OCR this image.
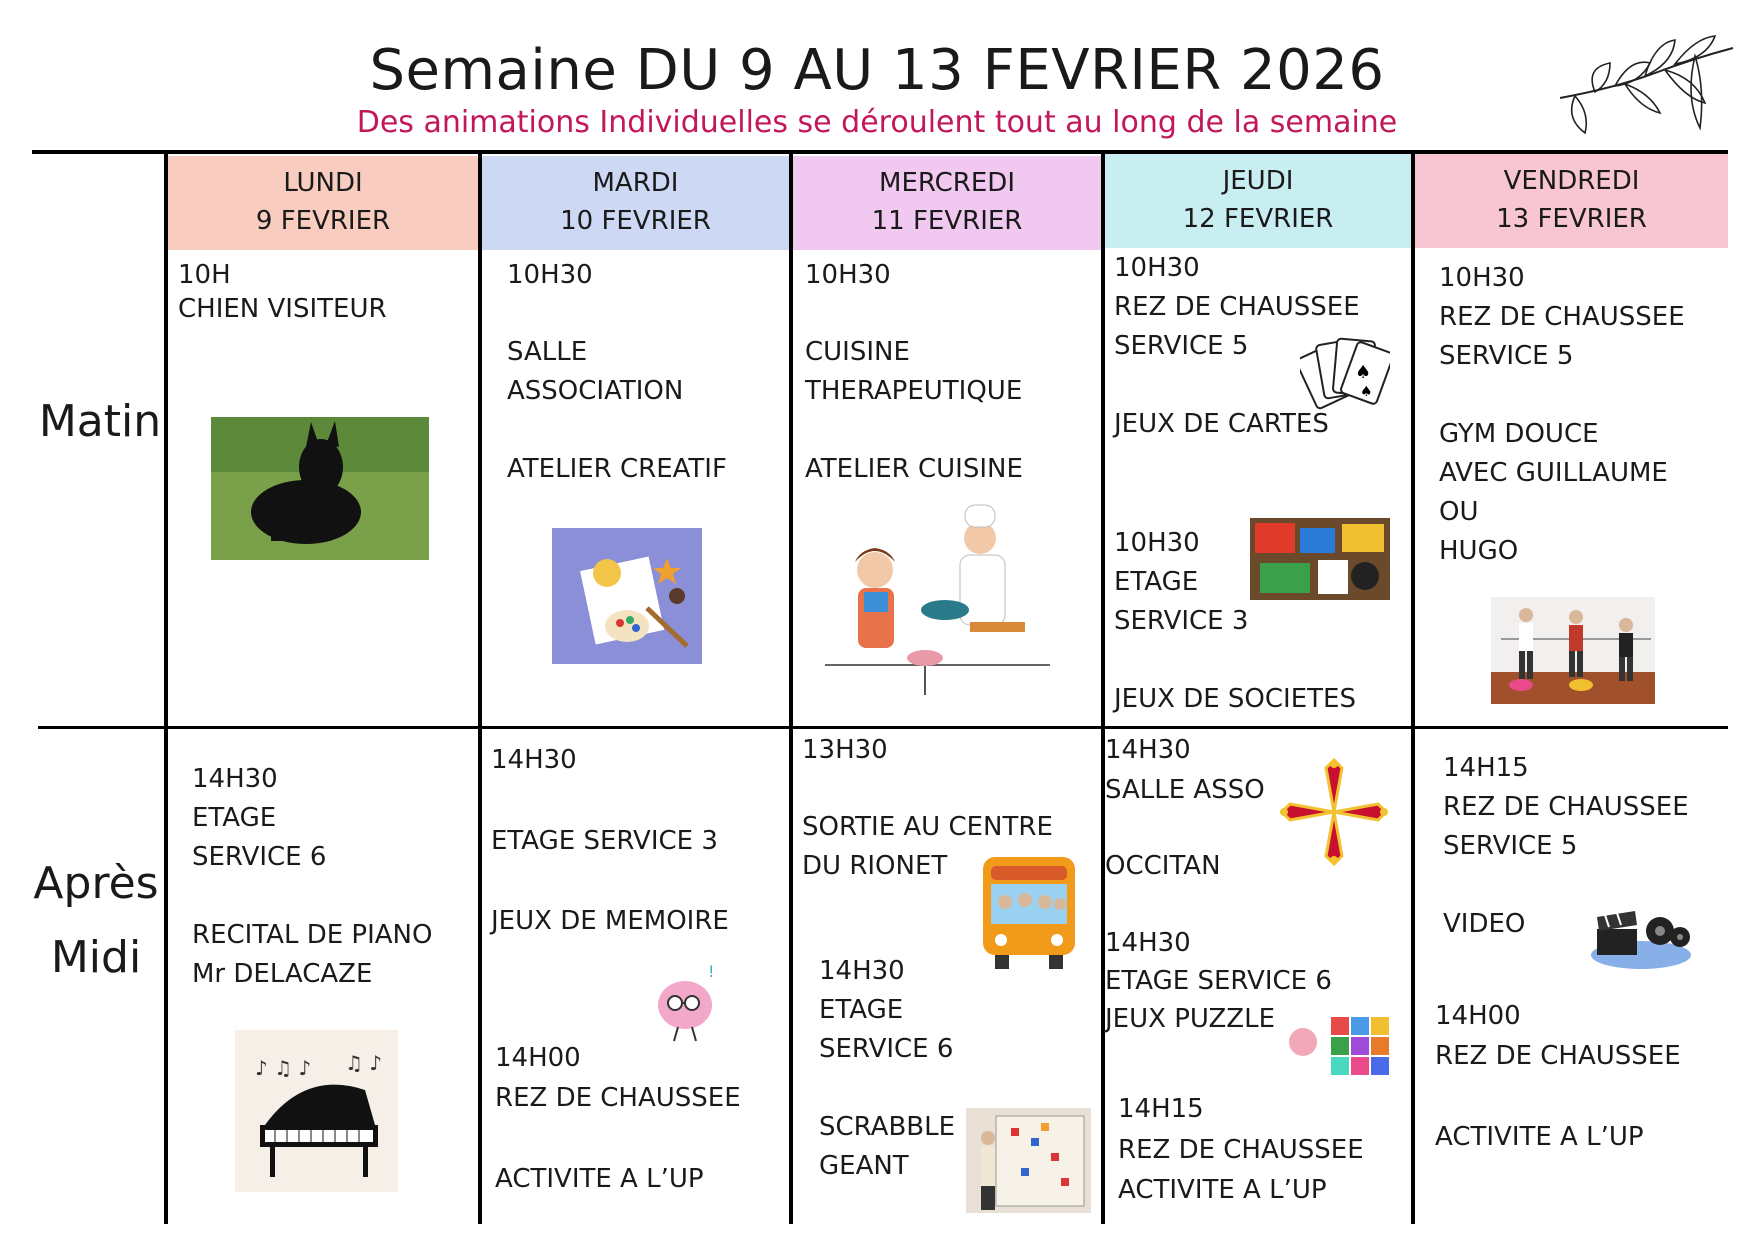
Semaine DU 9 AU 13 FEVRIER 2026
Des animations Individuelles se déroulent tout au long de la semaine
LUNDI
9 FEVRIER
MARDI
10 FEVRIER
MERCREDI
11 FEVRIER
JEUDI
12 FEVRIER
VENDREDI
13 FEVRIER
Matin
Après
Midi
10H
CHIEN VISITEUR
10H30
SALLE
ASSOCIATION
ATELIER CREATIF
10H30
CUISINE
THERAPEUTIQUE
ATELIER CUISINE
10H30
REZ DE CHAUSSEE
SERVICE 5
JEUX DE CARTES
♠
♠
10H30
ETAGE
SERVICE 3
JEUX DE SOCIETES
10H30
REZ DE CHAUSSEE
SERVICE 5
GYM DOUCE
AVEC GUILLAUME
OU
HUGO
14H30
ETAGE
SERVICE 6
RECITAL DE PIANO
Mr DELACAZE
♪ ♫ ♪ ♫ ♪
14H30
ETAGE SERVICE 3
JEUX DE MEMOIRE
!
14H00
REZ DE CHAUSSEE
ACTIVITE A L’UP
13H30
SORTIE AU CENTRE
DU RIONET
14H30
ETAGE
SERVICE 6
SCRABBLE
GEANT
14H30
SALLE ASSO
OCCITAN
14H30
ETAGE SERVICE 6
JEUX PUZZLE
14H15
REZ DE CHAUSSEE
ACTIVITE A L’UP
14H15
REZ DE CHAUSSEE
SERVICE 5
VIDEO
14H00
REZ DE CHAUSSEE
ACTIVITE A L’UP
